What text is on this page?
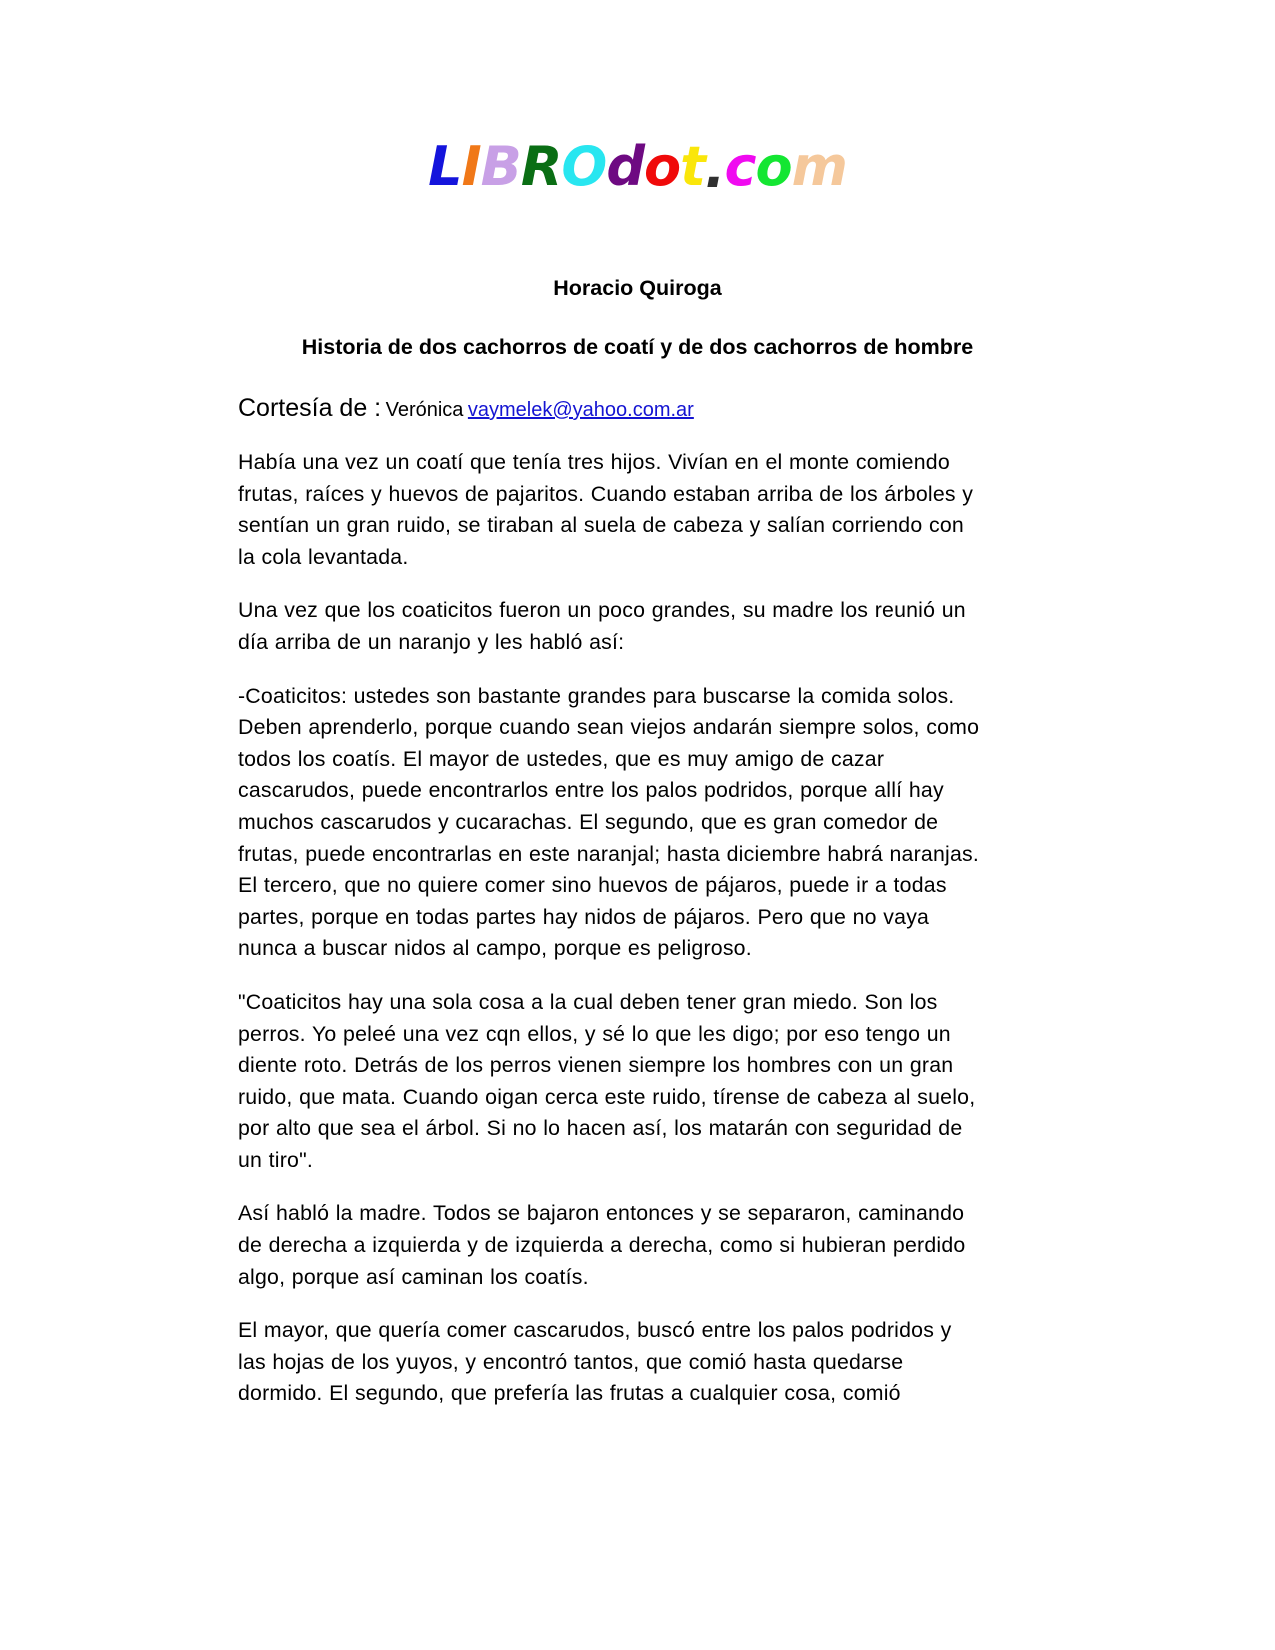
LIBROdot.com
Horacio Quiroga
Historia de dos cachorros de coatí y de dos cachorros de hombre
Cortesía de : Verónica vaymelek@yahoo.com.ar

Había una vez un coatí que tenía tres hijos. Vivían en el monte comiendo frutas, raíces y huevos de pajaritos. Cuando estaban arriba de los árboles y sentían un gran ruido, se tiraban al suela de cabeza y salían corriendo con la cola levantada.

Una vez que los coaticitos fueron un poco grandes, su madre los reunió un día arriba de un naranjo y les habló así:

-Coaticitos: ustedes son bastante grandes para buscarse la comida solos. Deben aprenderlo, porque cuando sean viejos andarán siempre solos, como todos los coatís. El mayor de ustedes, que es muy amigo de cazar cascarudos, puede encontrarlos entre los palos podridos, porque allí hay muchos cascarudos y cucarachas. El segundo, que es gran comedor de frutas, puede encontrarlas en este naranjal; hasta diciembre habrá naranjas. El tercero, que no quiere comer sino huevos de pájaros, puede ir a todas partes, porque en todas partes hay nidos de pájaros. Pero que no vaya nunca a buscar nidos al campo, porque es peligroso.

"Coaticitos hay una sola cosa a la cual deben tener gran miedo. Son los perros. Yo peleé una vez cqn ellos, y sé lo que les digo; por eso tengo un diente roto. Detrás de los perros vienen siempre los hombres con un gran ruido, que mata. Cuando oigan cerca este ruido, tírense de cabeza al suelo, por alto que sea el árbol. Si no lo hacen así, los matarán con seguridad de un tiro".

Así habló la madre. Todos se bajaron entonces y se separaron, caminando de derecha a izquierda y de izquierda a derecha, como si hubieran perdido algo, porque así caminan los coatís.

El mayor, que quería comer cascarudos, buscó entre los palos podridos y las hojas de los yuyos, y encontró tantos, que comió hasta quedarse dormido. El segundo, que prefería las frutas a cualquier cosa, comió
